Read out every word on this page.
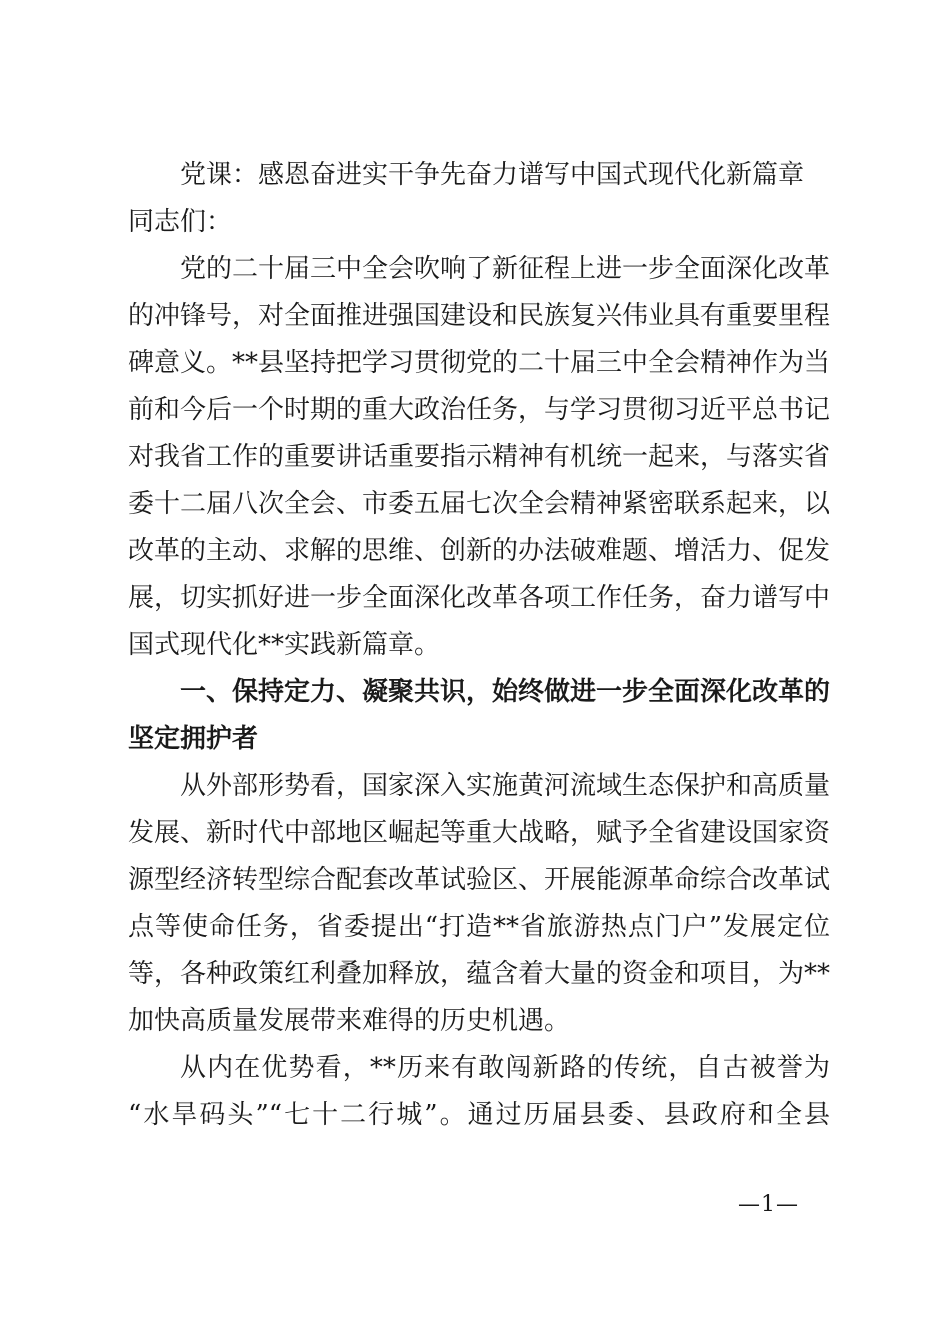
党课：感恩奋进实干争先奋力谱写中国式现代化新篇章
同志们：
党的二十届三中全会吹响了新征程上进一步全面深化改革
的冲锋号，对全面推进强国建设和民族复兴伟业具有重要里程
碑意义。**县坚持把学习贯彻党的二十届三中全会精神作为当
前和今后一个时期的重大政治任务，与学习贯彻习近平总书记
对我省工作的重要讲话重要指示精神有机统一起来，与落实省
委十二届八次全会、市委五届七次全会精神紧密联系起来，以
改革的主动、求解的思维、创新的办法破难题、增活力、促发
展，切实抓好进一步全面深化改革各项工作任务，奋力谱写中
国式现代化**实践新篇章。
一、保持定力、凝聚共识，始终做进一步全面深化改革的
坚定拥护者
从外部形势看，国家深入实施黄河流域生态保护和高质量
发展、新时代中部地区崛起等重大战略，赋予全省建设国家资
源型经济转型综合配套改革试验区、开展能源革命综合改革试
点等使命任务，省委提出“打造**省旅游热点门户”发展定位
等，各种政策红利叠加释放，蕴含着大量的资金和项目，为**
加快高质量发展带来难得的历史机遇。
从内在优势看，**历来有敢闯新路的传统，自古被誉为
“水旱码头”“七十二行城”。通过历届县委、县政府和全县
—1—
